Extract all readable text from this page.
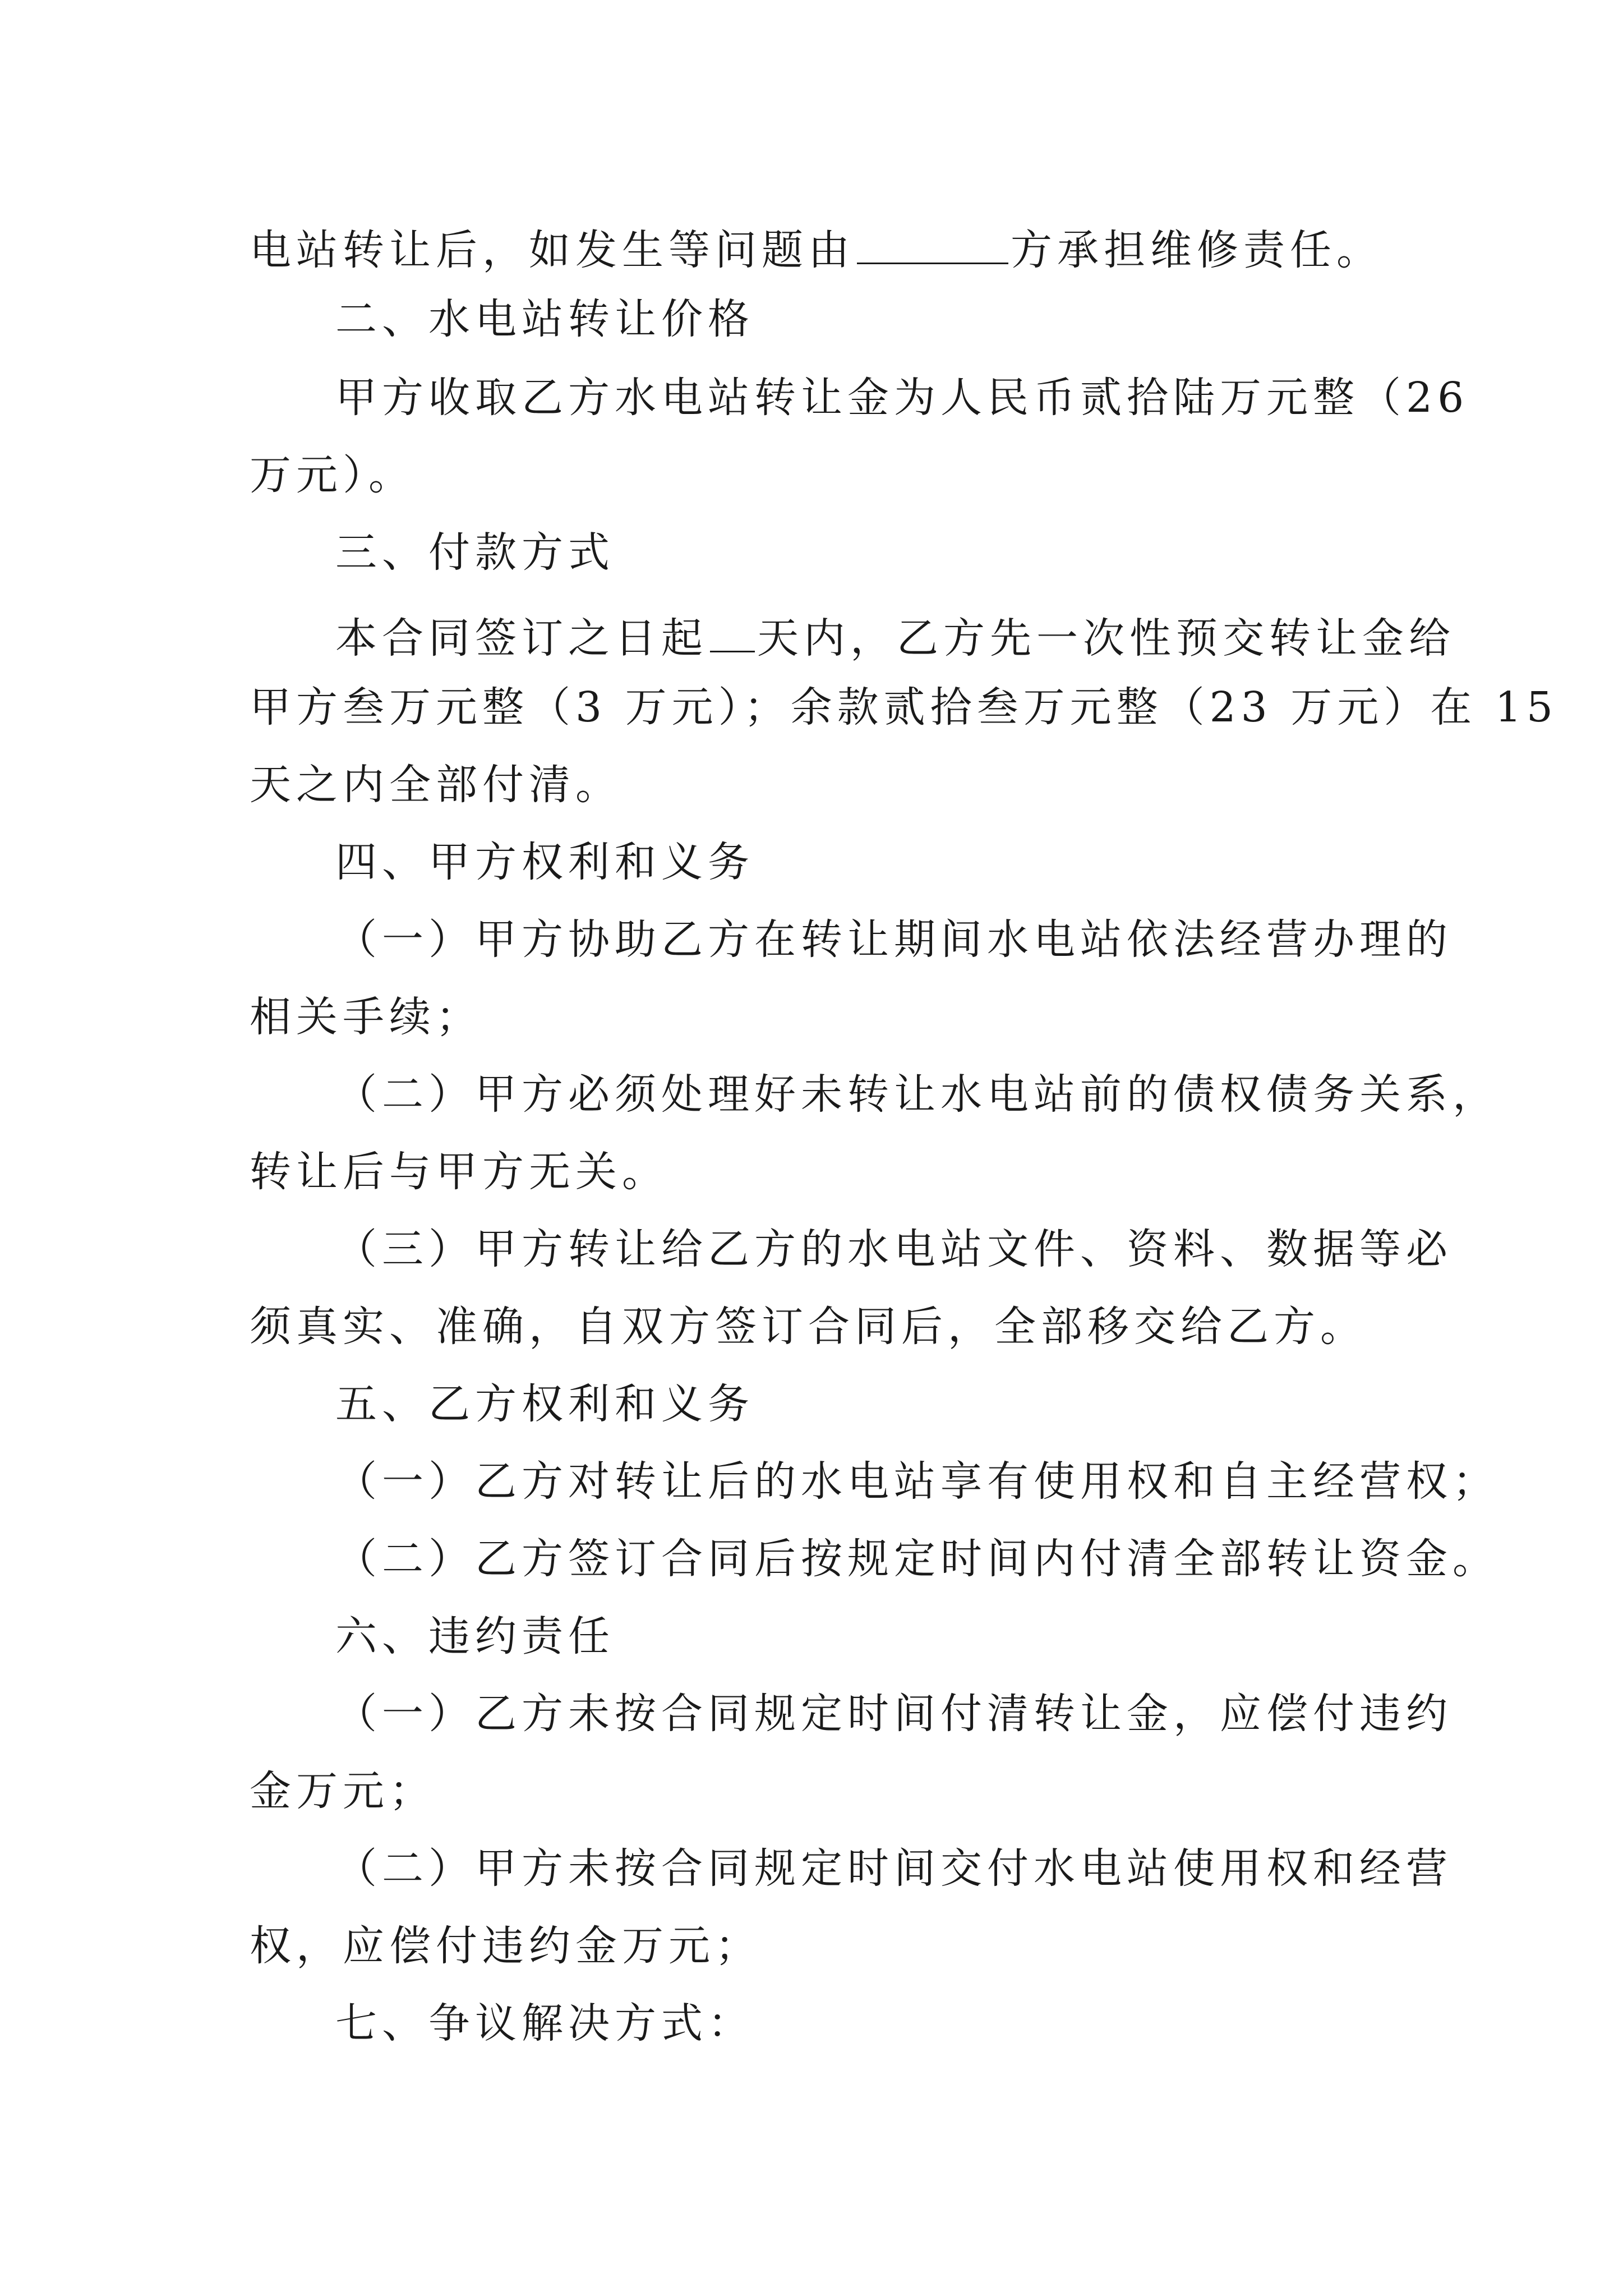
电站转让后，如发生等问题由	方承担维修责任。
二、水电站转让价格
甲方收取乙方水电站转让金为人民币贰拾陆万元整（26
万元）。
三、付款方式
本合同签订之日起 天内，乙方先一次性预交转让金给
甲方叁万元整（3 万元）；余款贰拾叁万元整（23 万元）在 15
天之内全部付清。
四、甲方权利和义务
（一）甲方协助乙方在转让期间水电站依法经营办理的
相关手续；
（二）甲方必须处理好未转让水电站前的债权债务关系，
转让后与甲方无关。
（三）甲方转让给乙方的水电站文件、资料、数据等必
须真实、准确，自双方签订合同后，全部移交给乙方。
五、乙方权利和义务
（一）乙方对转让后的水电站享有使用权和自主经营权；
（二）乙方签订合同后按规定时间内付清全部转让资金。
六、违约责任
（一）乙方未按合同规定时间付清转让金，应偿付违约
金万元；
（二）甲方未按合同规定时间交付水电站使用权和经营
权，应偿付违约金万元；
七、争议解决方式：
